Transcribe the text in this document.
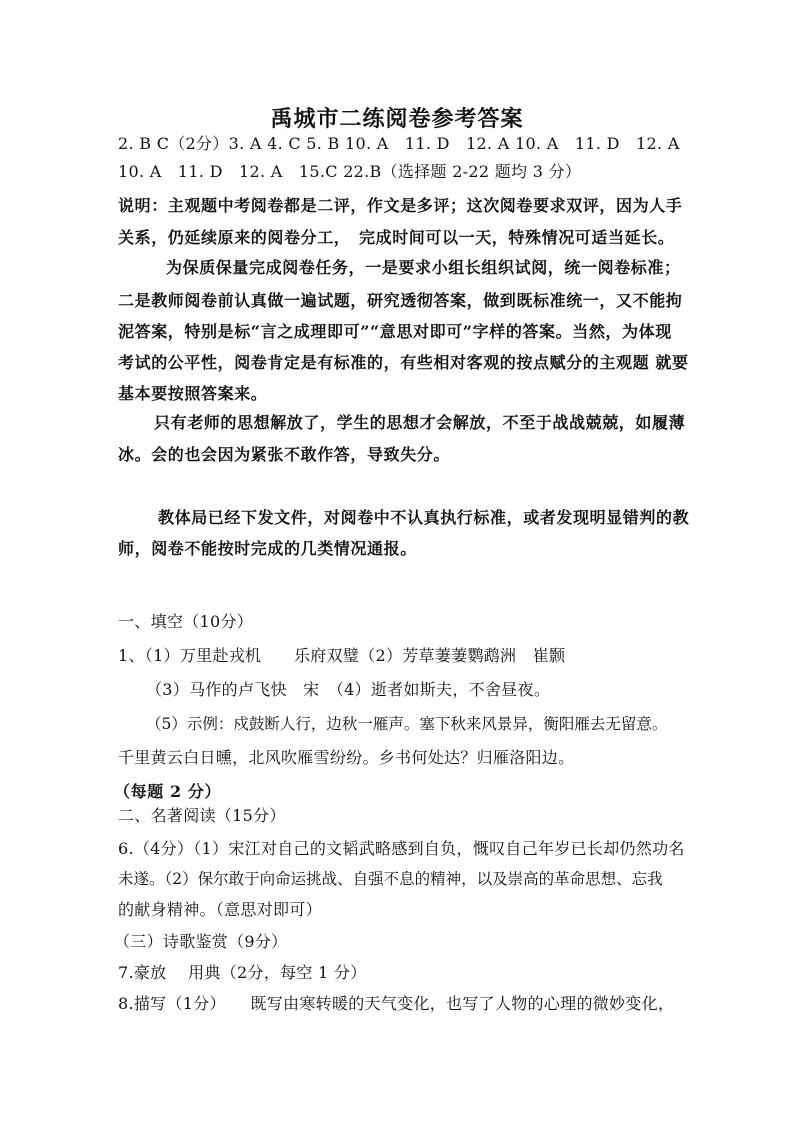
禹城市二练阅卷参考答案
2. B C（2分）3. A 4. C 5. B 10. A　11. D　12. A 10. A　11. D　12. A
10. A　11. D　12. A　15.C 22.B（选择题 2-22 题均 3 分）
说明：主观题中考阅卷都是二评，作文是多评；这次阅卷要求双评，因为人手
关系，仍延续原来的阅卷分工，　完成时间可以一天，特殊情况可适当延长。
为保质保量完成阅卷任务，一是要求小组长组织试阅，统一阅卷标准；
二是教师阅卷前认真做一遍试题，研究透彻答案，做到既标准统一，又不能拘
泥答案，特别是标“言之成理即可”“意思对即可”字样的答案。当然，为体现
考试的公平性，阅卷肯定是有标准的，有些相对客观的按点赋分的主观题 就要
基本要按照答案来。
只有老师的思想解放了，学生的思想才会解放，不至于战战兢兢，如履薄
冰。会的也会因为紧张不敢作答，导致失分。
教体局已经下发文件，对阅卷中不认真执行标准，或者发现明显错判的教
师，阅卷不能按时完成的几类情况通报。
一、填空（10分）
1、（1）万里赴戎机　　乐府双璧（2）芳草萋萋鹦鹉洲　崔颢
（3）马作的卢飞快　宋　（4）逝者如斯夫，不舍昼夜。
（5）示例：戍鼓断人行，边秋一雁声。塞下秋来风景异，衡阳雁去无留意。
千里黄云白日曛，北风吹雁雪纷纷。乡书何处达？归雁洛阳边。
（每题 2 分）
二、名著阅读（15分）
6.（4分）（1）宋江对自己的文韬武略感到自负，慨叹自己年岁已长却仍然功名
未遂。（2）保尔敢于向命运挑战、自强不息的精神，以及崇高的革命思想、忘我
的献身精神。（意思对即可）
（三）诗歌鉴赏（9分）
7.豪放　 用典（2分，每空 1 分）
8.描写（1分）　　既写由寒转暖的天气变化，也写了人物的心理的微妙变化，
